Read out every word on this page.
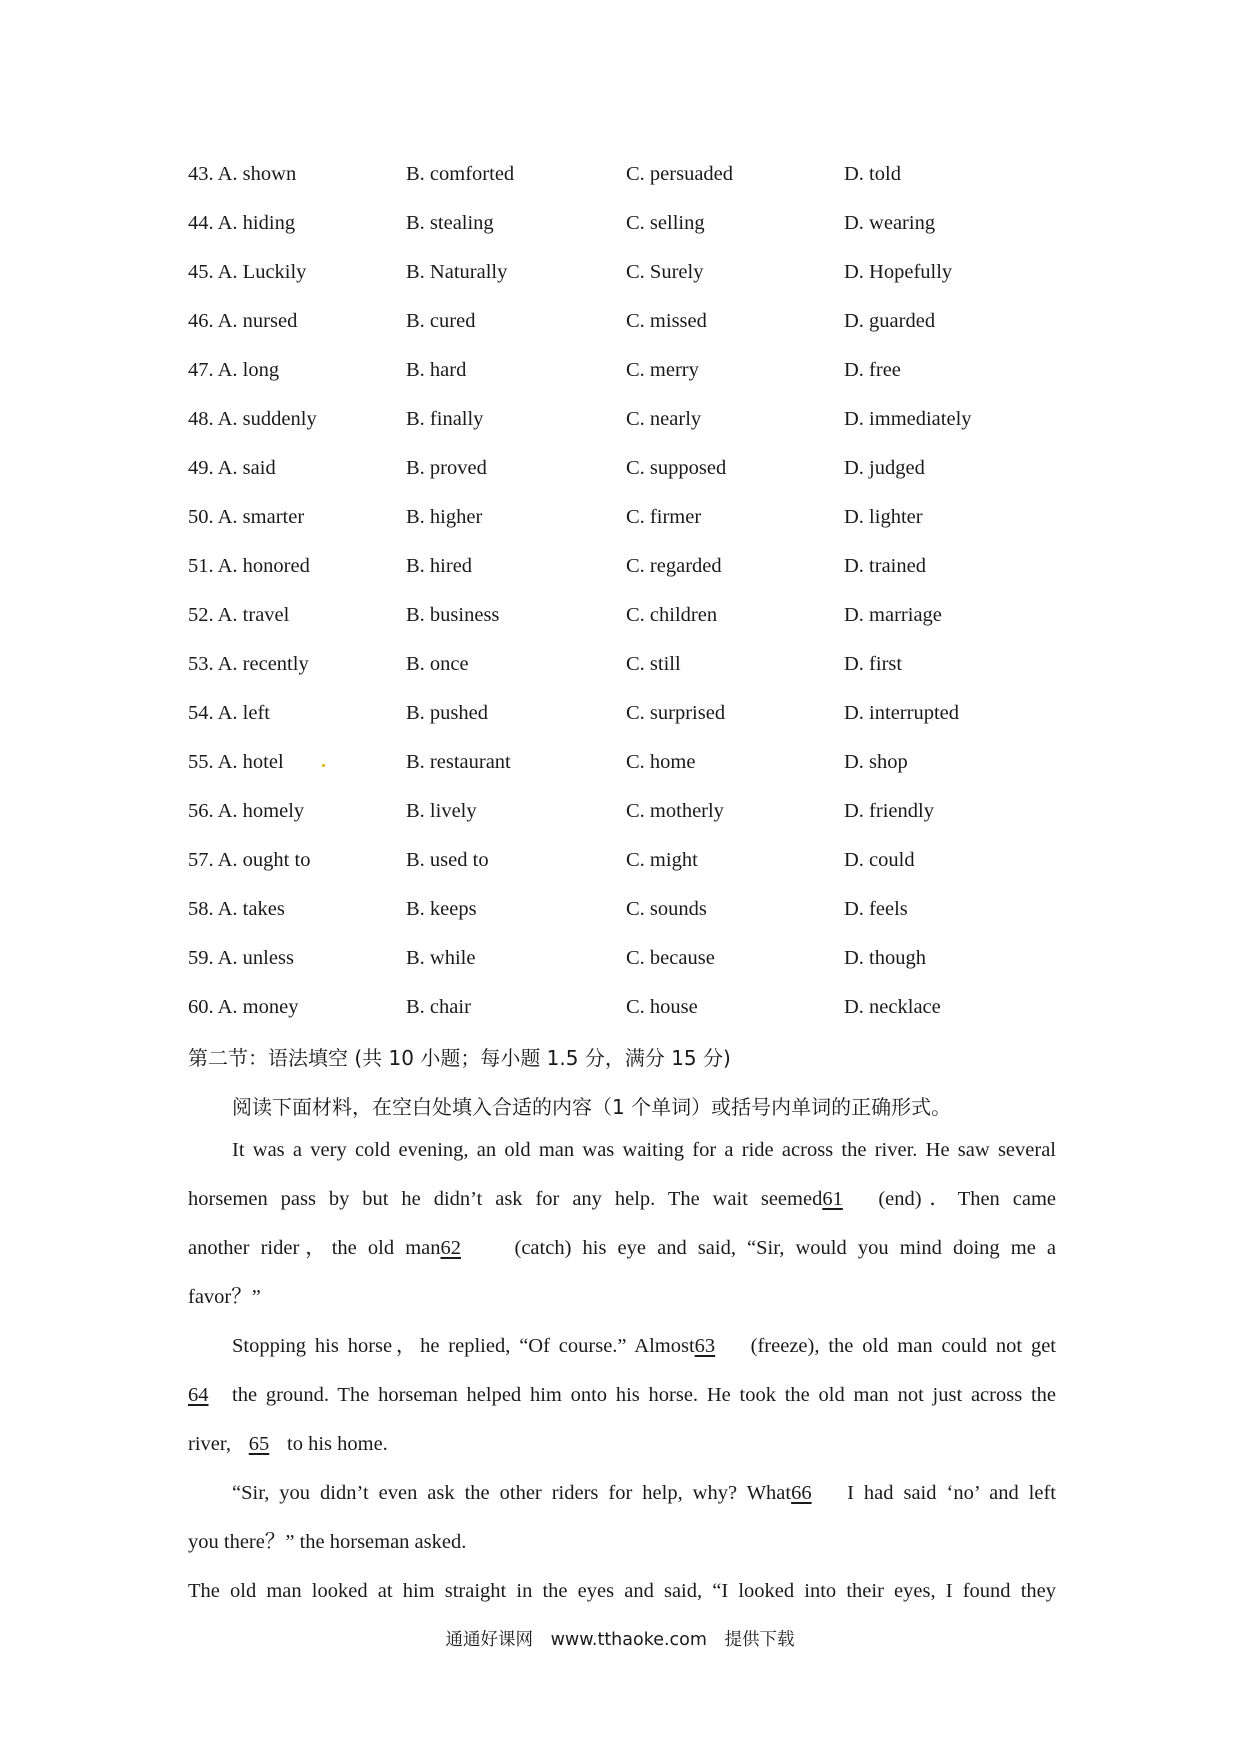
43. A. shown	B. comforted	C. persuaded	D. told
44. A. hiding	B. stealing	C. selling	D. wearing
45. A. Luckily	B. Naturally	C. Surely	D. Hopefully
46. A. nursed	B. cured	C. missed	D. guarded
47. A. long	B. hard	C. merry	D. free
48. A. suddenly	B. finally	C. nearly	D. immediately
49. A. said	B. proved	C. supposed	D. judged
50. A. smarter	B. higher	C. firmer	D. lighter
51. A. honored	B. hired	C. regarded	D. trained
52. A. travel	B. business	C. children	D. marriage
53. A. recently	B. once	C. still	D. first
54. A. left	B. pushed	C. surprised	D. interrupted
55. A. hotel	B. restaurant	C. home	D. shop
56. A. homely	B. lively	C. motherly	D. friendly
57. A. ought to	B. used to	C. might	D. could
58. A. takes	B. keeps	C. sounds	D. feels
59. A. unless	B. while	C. because	D. though
60. A. money	B. chair	C. house	D. necklace
第二节：语法填空 (共 10 小题；每小题 1.5 分，满分 15 分)
阅读下面材料，在空白处填入合适的内容（1 个单词）或括号内单词的正确形式。
It was a very cold evening, an old man was waiting for a ride across the river. He saw several
horsemen pass by but he didn’t ask for any help. The wait seemed61 (end)．Then came
another rider，the old man62	(catch) his eye and said, “Sir, would you mind doing me a
favor？”
Stopping his horse，he replied, “Of course.” Almost63 (freeze), the old man could not get
64 the ground. The horseman helped him onto his horse. He took the old man not just across the
river, 65 to his home.
“Sir, you didn’t even ask the other riders for help, why? What66 I had said ‘no’ and left
you there？” the horseman asked.
The old man looked at him straight in the eyes and said, “I looked into their eyes, I found they
通通好课网 www.tthaoke.com 提供下载
